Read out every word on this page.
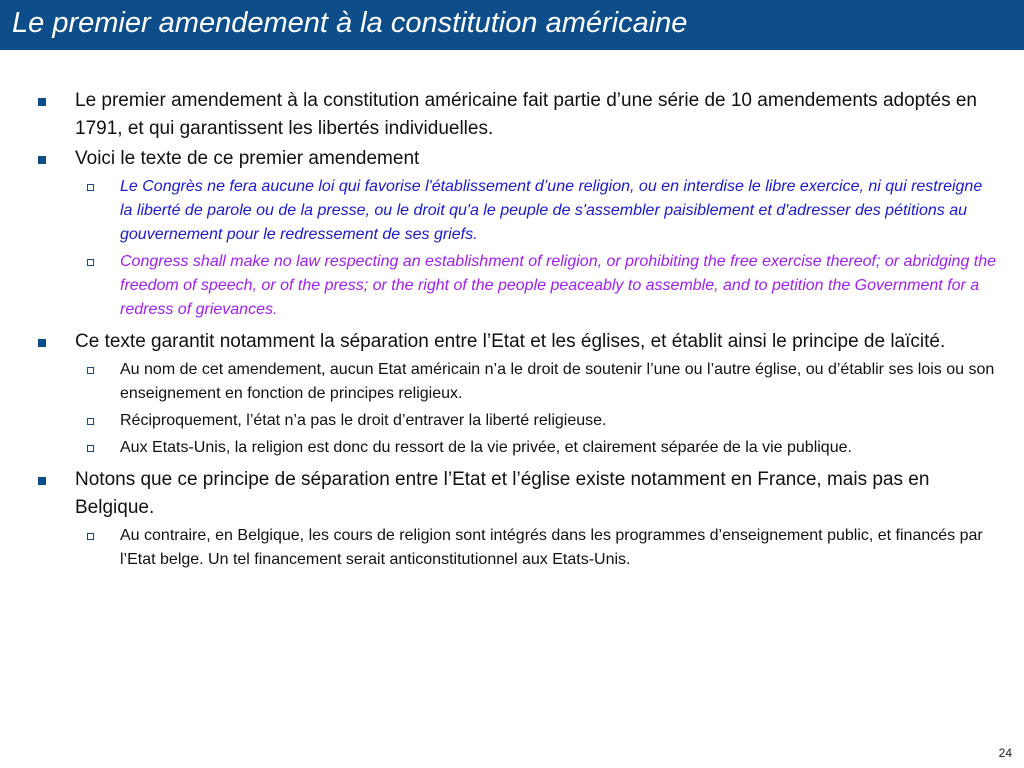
Le premier amendement à la constitution américaine
Le premier amendement à la constitution américaine fait partie d’une série de 10 amendements adoptés en 1791, et qui garantissent les libertés individuelles.
Voici le texte de ce premier amendement
Le Congrès ne fera aucune loi qui favorise l'établissement d’une religion, ou en interdise le libre exercice, ni qui restreigne la liberté de parole ou de la presse, ou le droit qu'a le peuple de s'assembler paisiblement et d'adresser des pétitions au gouvernement pour le redressement de ses griefs.
Congress shall make no law respecting an establishment of religion, or prohibiting the free exercise thereof; or abridging the freedom of speech, or of the press; or the right of the people peaceably to assemble, and to petition the Government for a redress of grievances.
Ce texte garantit notamment la séparation entre l’Etat et les églises, et établit ainsi le principe de laïcité.
Au nom de cet amendement, aucun Etat américain n’a le droit de soutenir l’une ou l’autre église, ou d’établir ses lois ou son enseignement en fonction de principes religieux.
Réciproquement, l’état n’a pas le droit d’entraver la liberté religieuse.
Aux Etats-Unis, la religion est donc du ressort de la vie privée, et clairement séparée de la vie publique.
Notons que ce principe de séparation entre l’Etat et l’église existe notamment en France, mais pas en Belgique.
Au contraire, en Belgique, les cours de religion sont intégrés dans les programmes d’enseignement public, et financés par l’Etat belge. Un tel financement serait anticonstitutionnel aux Etats-Unis.
24
